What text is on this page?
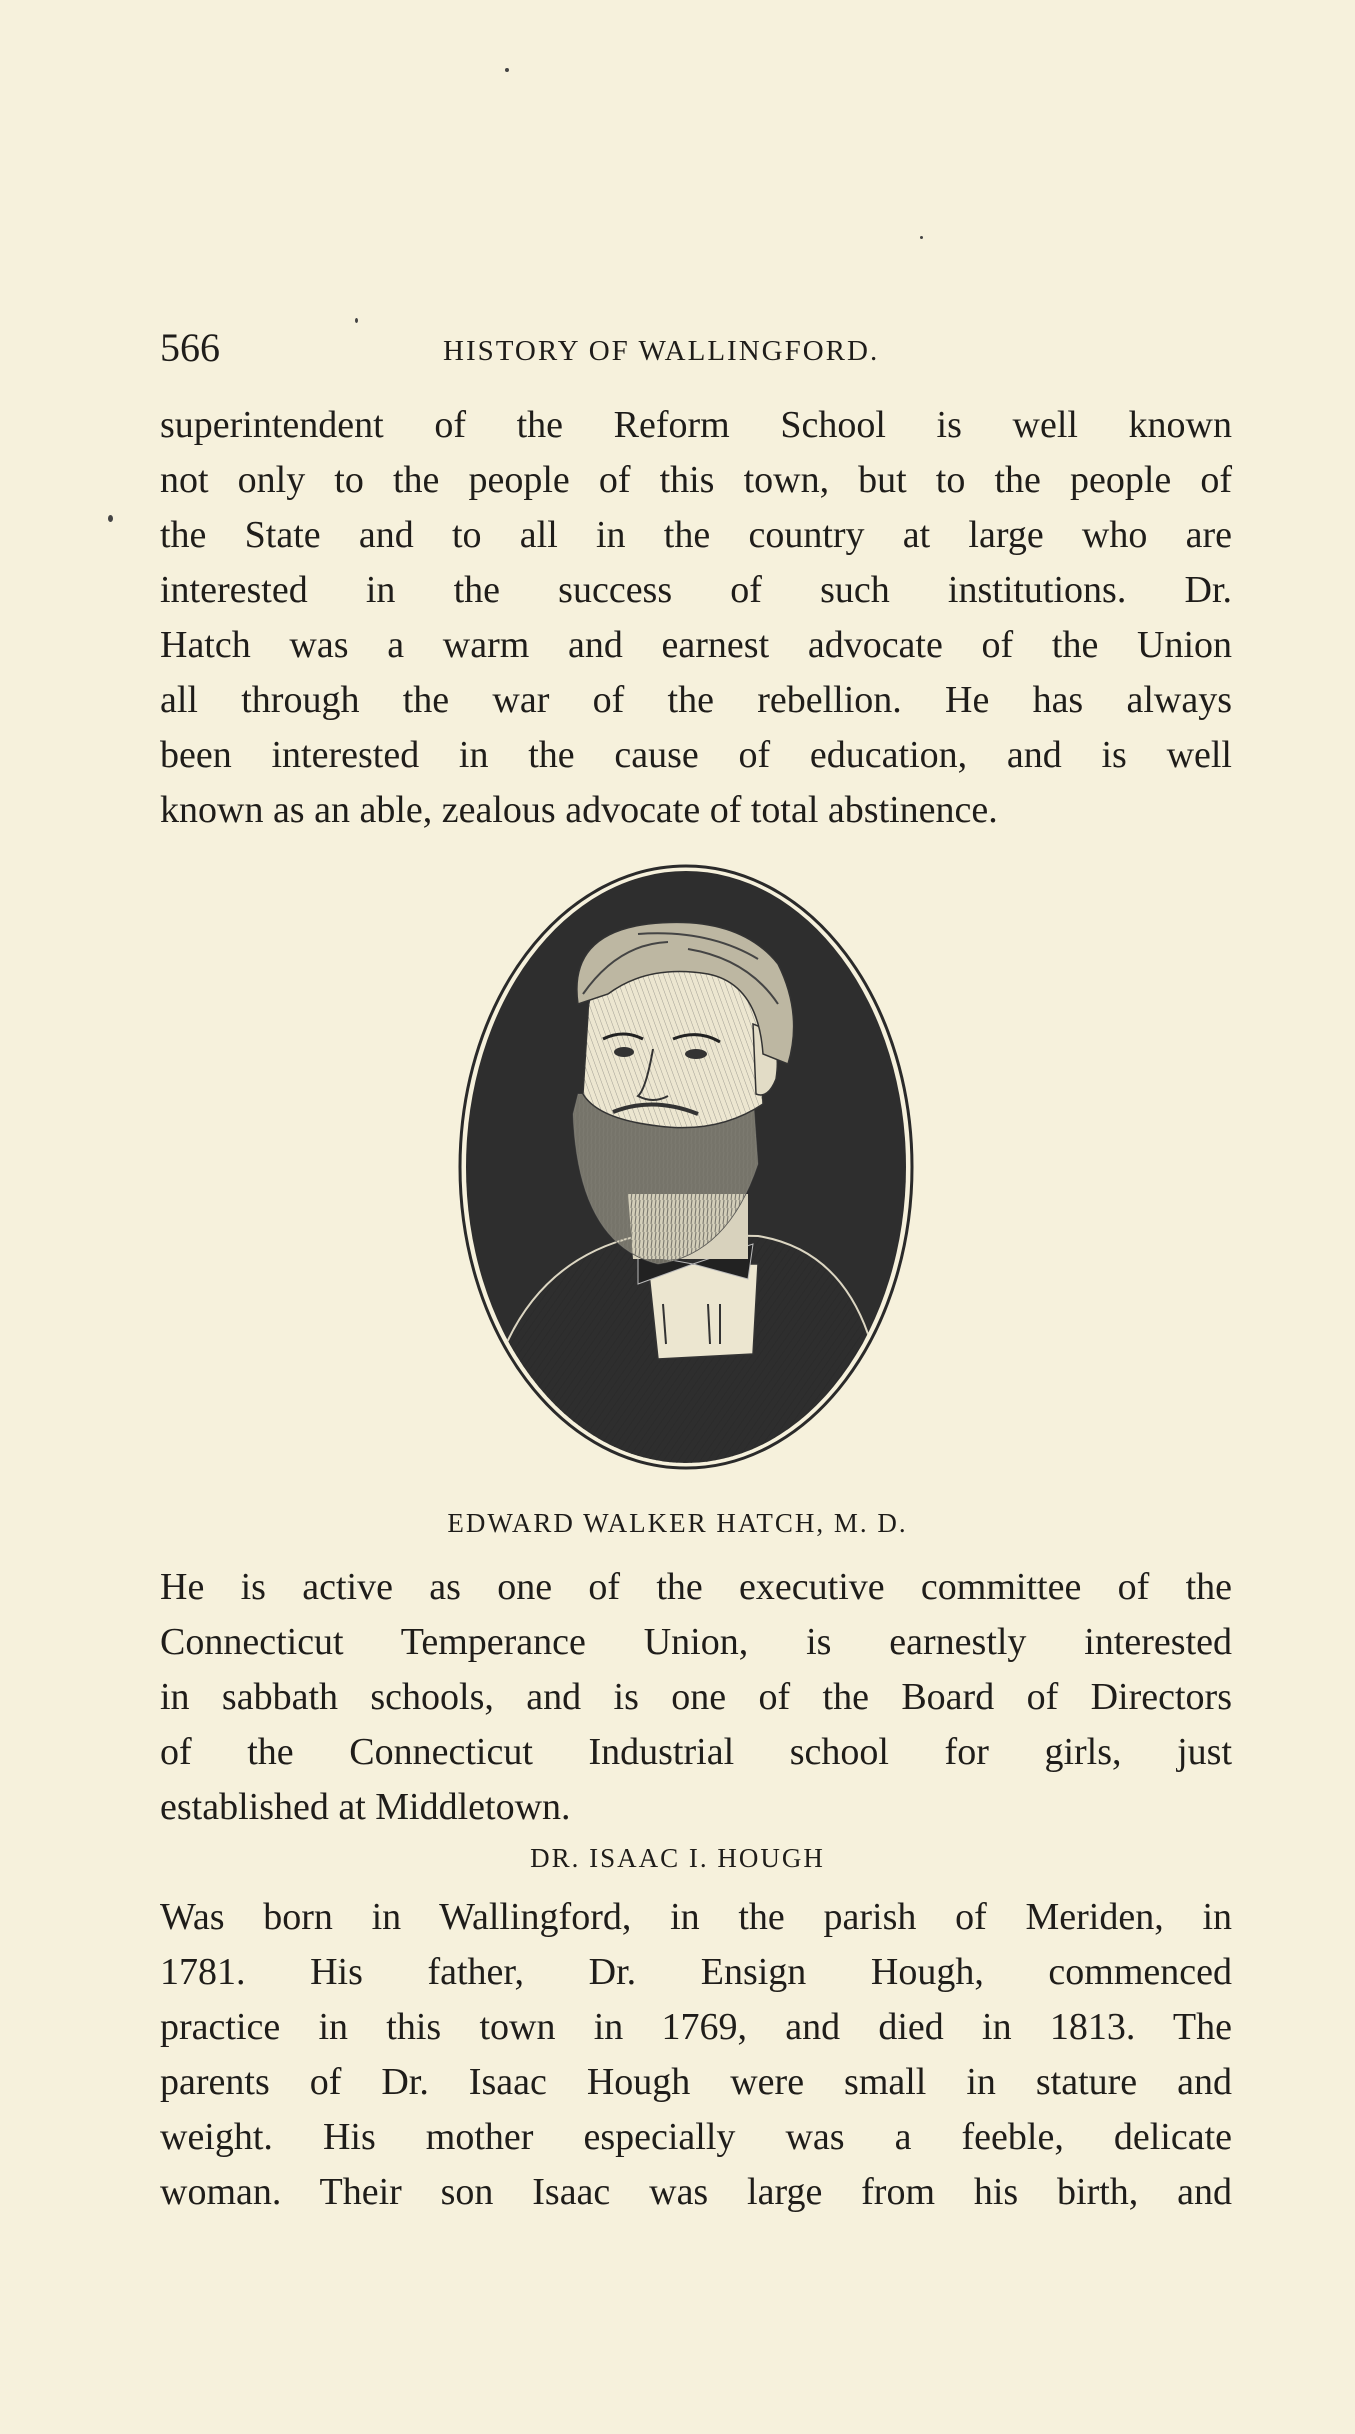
566	HISTORY OF WALLINGFORD.

superintendent of the Reform School is well known
not only to the people of this town, but to the people of
the State and to all in the country at large who are
interested in the success of such institutions. Dr.
Hatch was a warm and earnest advocate of the Union
all through the war of the rebellion. He has always
been interested in the cause of education, and is well
known as an able, zealous advocate of total abstinence.

EDWARD WALKER HATCH, M. D.

He is active as one of the executive committee of the
Connecticut Temperance Union, is earnestly interested
in sabbath schools, and is one of the Board of Directors
of the Connecticut Industrial school for girls, just
established at Middletown.

DR. ISAAC I. HOUGH

Was born in Wallingford, in the parish of Meriden, in
1781. His father, Dr. Ensign Hough, commenced
practice in this town in 1769, and died in 1813. The
parents of Dr. Isaac Hough were small in stature and
weight. His mother especially was a feeble, delicate
woman. Their son Isaac was large from his birth, and
